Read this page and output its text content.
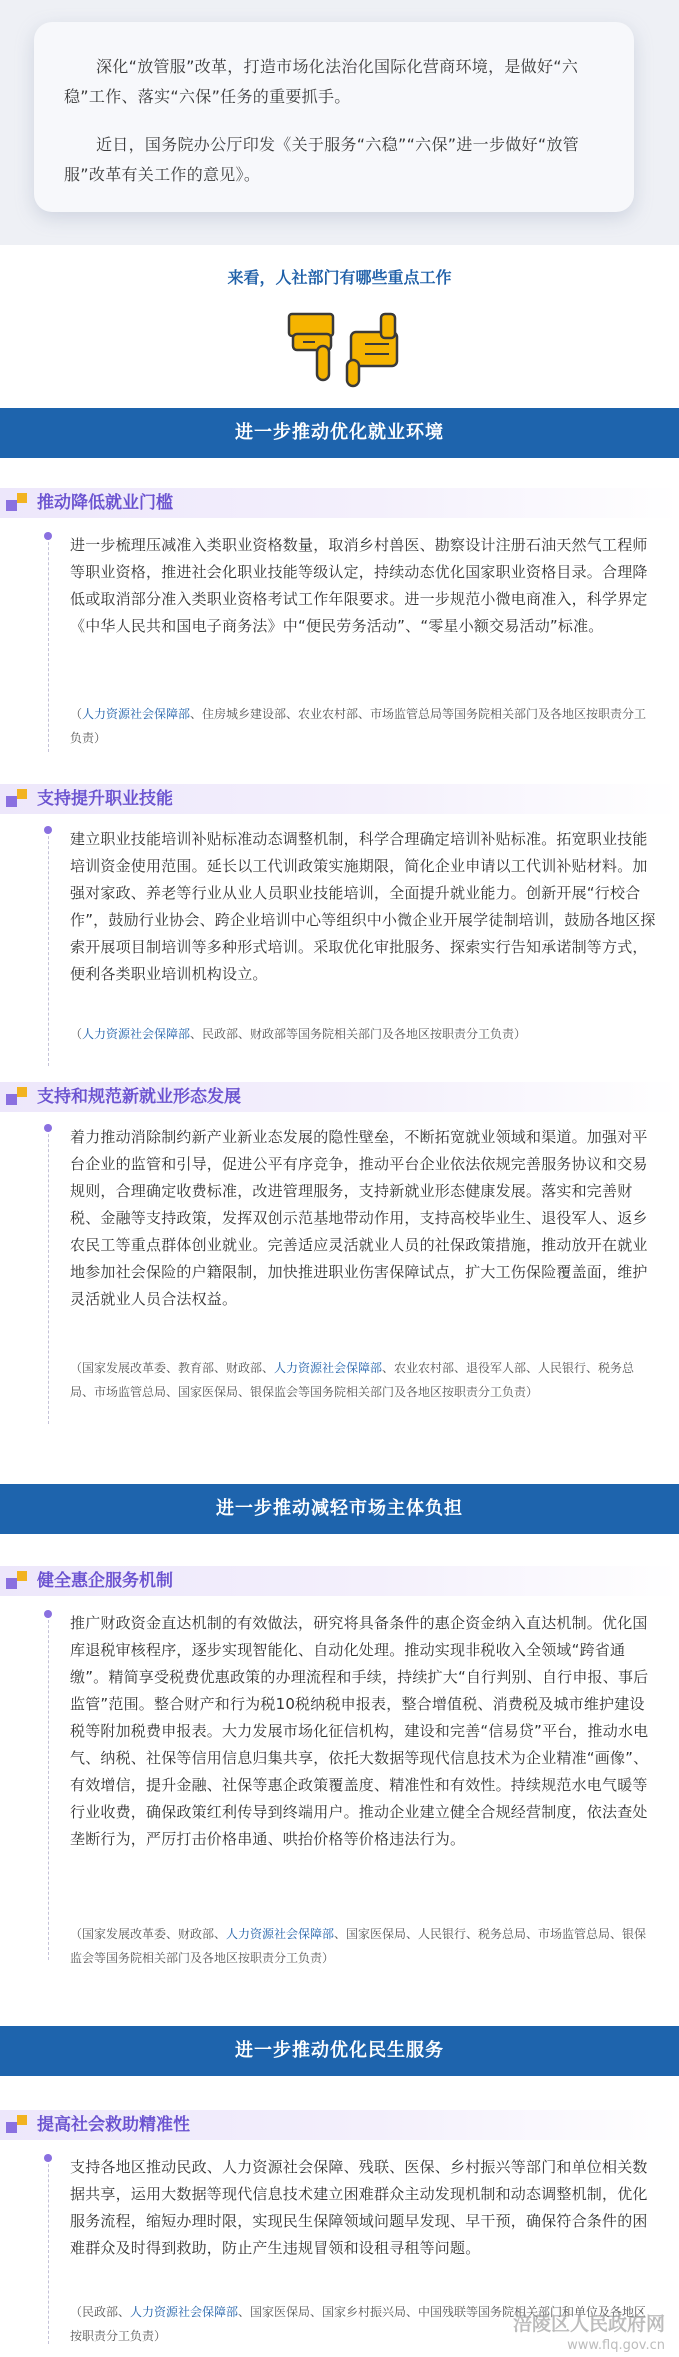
深化“放管服”改革，打造市场化法治化国际化营商环境，是做好“六稳”工作、落实“六保”任务的重要抓手。

近日，国务院办公厅印发《关于服务“六稳”“六保”进一步做好“放管服”改革有关工作的意见》。

来看，人社部门有哪些重点工作
进一步推动优化就业环境
推动降低就业门槛

进一步梳理压减准入类职业资格数量，取消乡村兽医、勘察设计注册石油天然气工程师等职业资格，推进社会化职业技能等级认定，持续动态优化国家职业资格目录。合理降低或取消部分准入类职业资格考试工作年限要求。进一步规范小微电商准入，科学界定《中华人民共和国电子商务法》中“便民劳务活动”、“零星小额交易活动”标准。

（人力资源社会保障部、住房城乡建设部、农业农村部、市场监管总局等国务院相关部门及各地区按职责分工负责）

支持提升职业技能

建立职业技能培训补贴标准动态调整机制，科学合理确定培训补贴标准。拓宽职业技能培训资金使用范围。延长以工代训政策实施期限，简化企业申请以工代训补贴材料。加强对家政、养老等行业从业人员职业技能培训，全面提升就业能力。创新开展“行校合作”，鼓励行业协会、跨企业培训中心等组织中小微企业开展学徒制培训，鼓励各地区探索开展项目制培训等多种形式培训。采取优化审批服务、探索实行告知承诺制等方式，便利各类职业培训机构设立。

（人力资源社会保障部、民政部、财政部等国务院相关部门及各地区按职责分工负责）

支持和规范新就业形态发展

着力推动消除制约新产业新业态发展的隐性壁垒，不断拓宽就业领域和渠道。加强对平台企业的监管和引导，促进公平有序竞争，推动平台企业依法依规完善服务协议和交易规则，合理确定收费标准，改进管理服务，支持新就业形态健康发展。落实和完善财税、金融等支持政策，发挥双创示范基地带动作用，支持高校毕业生、退役军人、返乡农民工等重点群体创业就业。完善适应灵活就业人员的社保政策措施，推动放开在就业地参加社会保险的户籍限制，加快推进职业伤害保障试点，扩大工伤保险覆盖面，维护灵活就业人员合法权益。

（国家发展改革委、教育部、财政部、人力资源社会保障部、农业农村部、退役军人部、人民银行、税务总局、市场监管总局、国家医保局、银保监会等国务院相关部门及各地区按职责分工负责）

进一步推动减轻市场主体负担
健全惠企服务机制

推广财政资金直达机制的有效做法，研究将具备条件的惠企资金纳入直达机制。优化国库退税审核程序，逐步实现智能化、自动化处理。推动实现非税收入全领域“跨省通缴”。精简享受税费优惠政策的办理流程和手续，持续扩大“自行判别、自行申报、事后监管”范围。整合财产和行为税10税纳税申报表，整合增值税、消费税及城市维护建设税等附加税费申报表。大力发展市场化征信机构，建设和完善“信易贷”平台，推动水电气、纳税、社保等信用信息归集共享，依托大数据等现代信息技术为企业精准“画像”、有效增信，提升金融、社保等惠企政策覆盖度、精准性和有效性。持续规范水电气暖等行业收费，确保政策红利传导到终端用户。推动企业建立健全合规经营制度，依法查处垄断行为，严厉打击价格串通、哄抬价格等价格违法行为。

（国家发展改革委、财政部、人力资源社会保障部、国家医保局、人民银行、税务总局、市场监管总局、银保监会等国务院相关部门及各地区按职责分工负责）

进一步推动优化民生服务
提高社会救助精准性

支持各地区推动民政、人力资源社会保障、残联、医保、乡村振兴等部门和单位相关数据共享，运用大数据等现代信息技术建立困难群众主动发现机制和动态调整机制，优化服务流程，缩短办理时限，实现民生保障领域问题早发现、早干预，确保符合条件的困难群众及时得到救助，防止产生违规冒领和设租寻租等问题。

（民政部、人力资源社会保障部、国家医保局、国家乡村振兴局、中国残联等国务院相关部门和单位及各地区按职责分工负责）

涪陵区人民政府网
www.flq.gov.cn
